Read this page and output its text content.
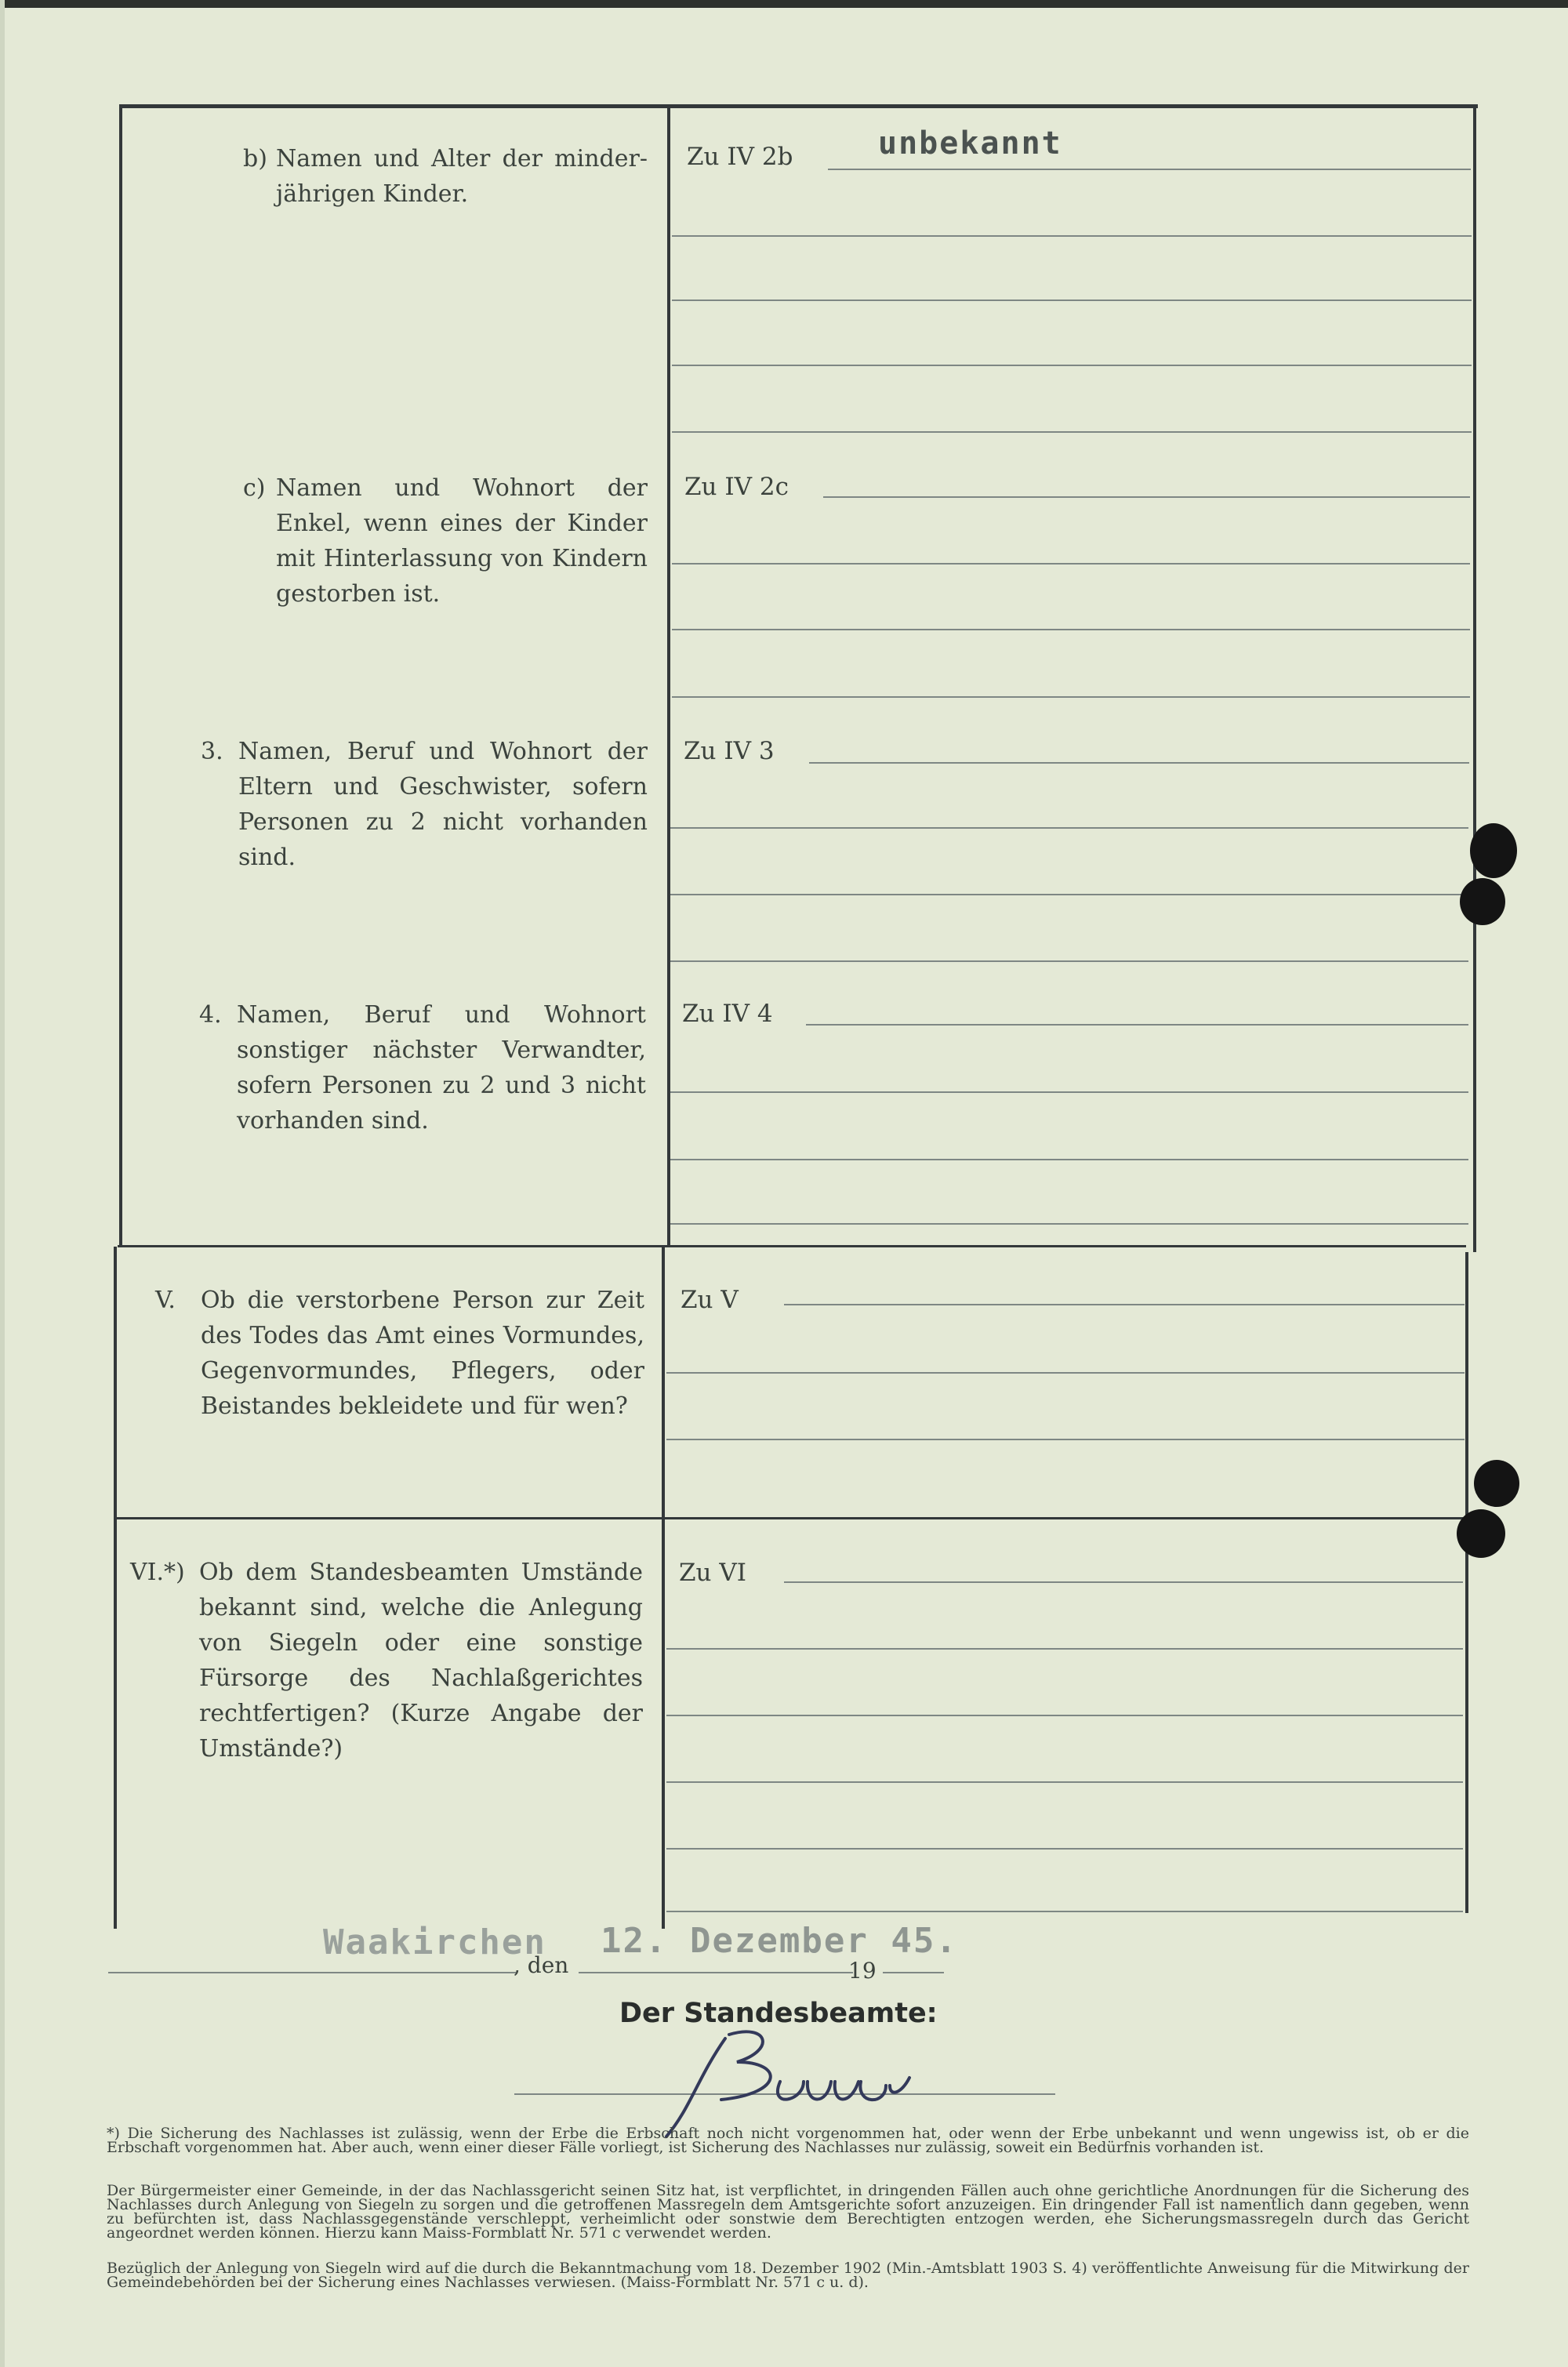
b) Namen und Alter der minder-jährigen Kinder.
Zu IV 2b	unbekannt
c) Namen und Wohnort der Enkel, wenn eines der Kinder mit Hinterlassung von Kindern gestorben ist.
Zu IV 2c
3. Namen, Beruf und Wohnort der Eltern und Geschwister, sofern Personen zu 2 nicht vorhanden sind.
Zu IV 3
4. Namen, Beruf und Wohnort sonstiger nächster Verwandter, sofern Personen zu 2 und 3 nicht vorhanden sind.
Zu IV 4
V.	Ob die verstorbene Person zur Zeit des Todes das Amt eines Vormundes, Gegenvormundes, Pflegers, oder Beistandes bekleidete und für wen?
Zu V
VI.*) Ob dem Standesbeamten Umstände bekannt sind, welche die Anlegung von Siegeln oder eine sonstige Fürsorge des Nachlaßgerichtes rechtfertigen? (Kurze Angabe der Umstände?)
Zu VI
Waakirchen
, den
12. Dezember 45.
19
Der Standesbeamte:
*) Die Sicherung des Nachlasses ist zulässig, wenn der Erbe die Erbschaft noch nicht vorgenommen hat, oder wenn der Erbe unbekannt und wenn ungewiss ist, ob er die Erbschaft vorgenommen hat. Aber auch, wenn einer dieser Fälle vorliegt, ist Sicherung des Nachlasses nur zulässig, soweit ein Bedürfnis vorhanden ist.
Der Bürgermeister einer Gemeinde, in der das Nachlassgericht seinen Sitz hat, ist verpflichtet, in dringenden Fällen auch ohne gerichtliche Anordnungen für die Sicherung des Nachlasses durch Anlegung von Siegeln zu sorgen und die getroffenen Massregeln dem Amtsgerichte sofort anzuzeigen. Ein dringender Fall ist namentlich dann gegeben, wenn zu befürchten ist, dass Nachlassgegenstände verschleppt, verheimlicht oder sonstwie dem Berechtigten entzogen werden, ehe Sicherungsmassregeln durch das Gericht angeordnet werden können. Hierzu kann Maiss-Formblatt Nr. 571 c verwendet werden.
Bezüglich der Anlegung von Siegeln wird auf die durch die Bekanntmachung vom 18. Dezember 1902 (Min.-Amtsblatt 1903 S. 4) veröffentlichte Anweisung für die Mitwirkung der Gemeindebehörden bei der Sicherung eines Nachlasses verwiesen. (Maiss-Formblatt Nr. 571 c u. d).
